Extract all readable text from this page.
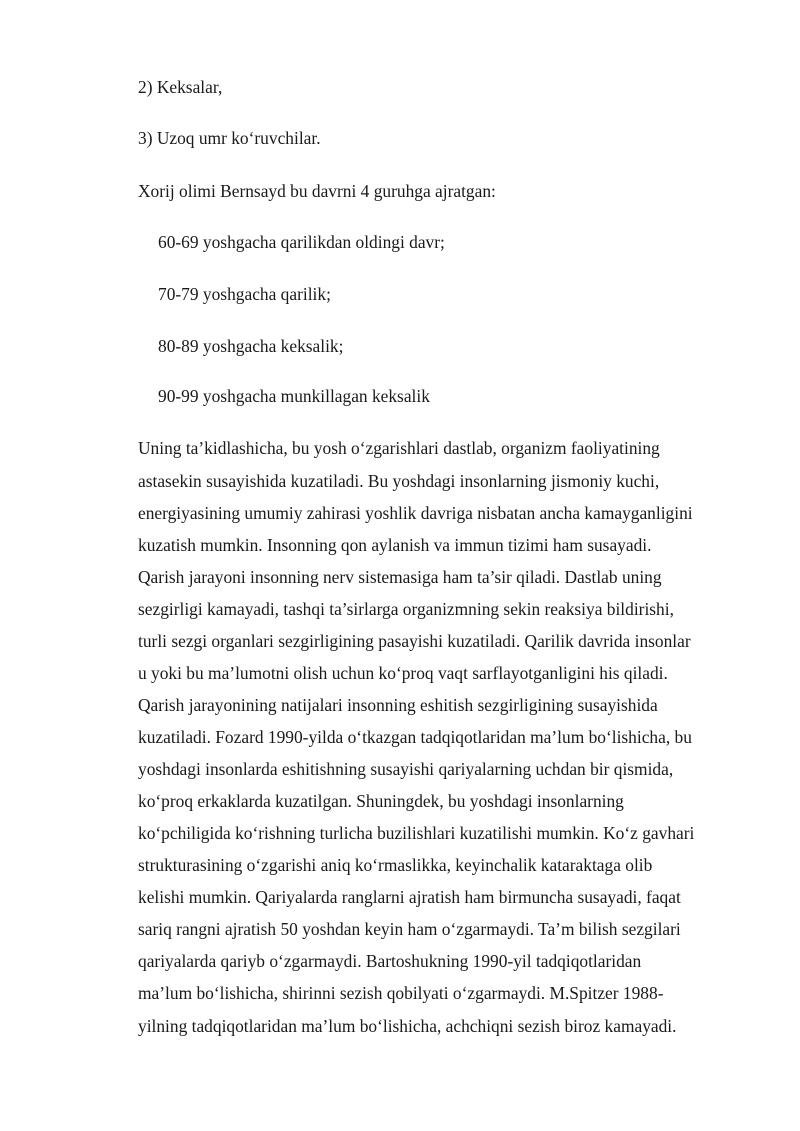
2) Keksalar,
3) Uzoq umr ko‘ruvchilar.
Xorij olimi Bernsayd bu davrni 4 guruhga ajratgan:
60-69 yoshgacha qarilikdan oldingi davr;
70-79 yoshgacha qarilik;
80-89 yoshgacha keksalik;
90-99 yoshgacha munkillagan keksalik
Uning ta’kidlashicha, bu yosh o‘zgarishlari dastlab, organizm faoliyatining
astasekin susayishida kuzatiladi. Bu yoshdagi insonlarning jismoniy kuchi,
energiyasining umumiy zahirasi yoshlik davriga nisbatan ancha kamayganligini
kuzatish mumkin. Insonning qon aylanish va immun tizimi ham susayadi.
Qarish jarayoni insonning nerv sistemasiga ham ta’sir qiladi. Dastlab uning
sezgirligi kamayadi, tashqi ta’sirlarga organizmning sekin reaksiya bildirishi,
turli sezgi organlari sezgirligining pasayishi kuzatiladi. Qarilik davrida insonlar
u yoki bu ma’lumotni olish uchun ko‘proq vaqt sarflayotganligini his qiladi.
Qarish jarayonining natijalari insonning eshitish sezgirligining susayishida
kuzatiladi. Fozard 1990-yilda o‘tkazgan tadqiqotlaridan ma’lum bo‘lishicha, bu
yoshdagi insonlarda eshitishning susayishi qariyalarning uchdan bir qismida,
ko‘proq erkaklarda kuzatilgan. Shuningdek, bu yoshdagi insonlarning
ko‘pchiligida ko‘rishning turlicha buzilishlari kuzatilishi mumkin. Ko‘z gavhari
strukturasining o‘zgarishi aniq ko‘rmaslikka, keyinchalik kataraktaga olib
kelishi mumkin. Qariyalarda ranglarni ajratish ham birmuncha susayadi, faqat
sariq rangni ajratish 50 yoshdan keyin ham o‘zgarmaydi. Ta’m bilish sezgilari
qariyalarda qariyb o‘zgarmaydi. Bartoshukning 1990-yil tadqiqotlaridan
ma’lum bo‘lishicha, shirinni sezish qobilyati o‘zgarmaydi. M.Spitzer 1988-
yilning tadqiqotlaridan ma’lum bo‘lishicha, achchiqni sezish biroz kamayadi.
